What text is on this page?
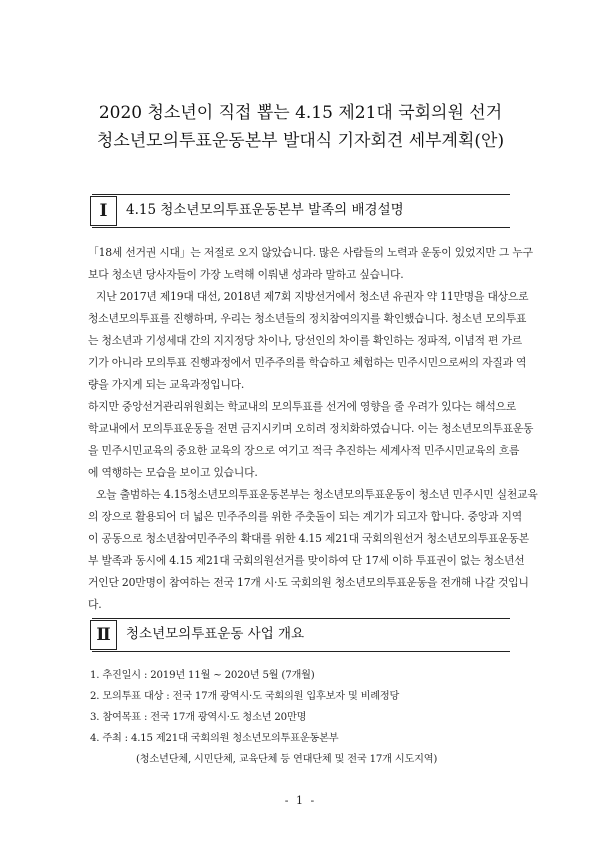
2020 청소년이 직접 뽑는 4.15 제21대 국회의원 선거
청소년모의투표운동본부 발대식 기자회견 세부계획(안)
Ⅰ	4.15 청소년모의투표운동본부 발족의 배경설명
「18세 선거권 시대」는 저절로 오지 않았습니다. 많은 사람들의 노력과 운동이 있었지만 그 누구
보다 청소년 당사자들이 가장 노력해 이뤄낸 성과라 말하고 싶습니다.
지난 2017년 제19대 대선, 2018년 제7회 지방선거에서 청소년 유권자 약 11만명을 대상으로
청소년모의투표를 진행하며, 우리는 청소년들의 정치참여의지를 확인했습니다. 청소년 모의투표
는 청소년과 기성세대 간의 지지정당 차이나, 당선인의 차이를 확인하는 정파적, 이념적 편 가르
기가 아니라 모의투표 진행과정에서 민주주의를 학습하고 체험하는 민주시민으로써의 자질과 역
량을 가지게 되는 교육과정입니다.
하지만 중앙선거관리위원회는 학교내의 모의투표를 선거에 영향을 줄 우려가 있다는 해석으로
학교내에서 모의투표운동을 전면 금지시키며 오히려 정치화하였습니다. 이는 청소년모의투표운동
을 민주시민교육의 중요한 교육의 장으로 여기고 적극 추진하는 세계사적 민주시민교육의 흐름
에 역행하는 모습을 보이고 있습니다.
오늘 출범하는 4.15청소년모의투표운동본부는 청소년모의투표운동이 청소년 민주시민 실천교육
의 장으로 활용되어 더 넓은 민주주의를 위한 주춧돌이 되는 계기가 되고자 합니다. 중앙과 지역
이 공동으로 청소년참여민주주의 확대를 위한 4.15 제21대 국회의원선거 청소년모의투표운동본
부 발족과 동시에 4.15 제21대 국회의원선거를 맞이하여 단 17세 이하 투표권이 없는 청소년선
거인단 20만명이 참여하는 전국 17개 시·도 국회의원 청소년모의투표운동을 전개해 나갈 것입니
다.
Ⅱ	청소년모의투표운동 사업 개요
1. 추진일시 : 2019년 11월 ~ 2020년 5월 (7개월)
2. 모의투표 대상 : 전국 17개 광역시·도 국회의원 입후보자 및 비례정당
3. 참여목표 : 전국 17개 광역시·도 청소년 20만명
4. 주최 : 4.15 제21대 국회의원 청소년모의투표운동본부
(청소년단체, 시민단체, 교육단체 등 연대단체 및 전국 17개 시도지역)
- 1 -
